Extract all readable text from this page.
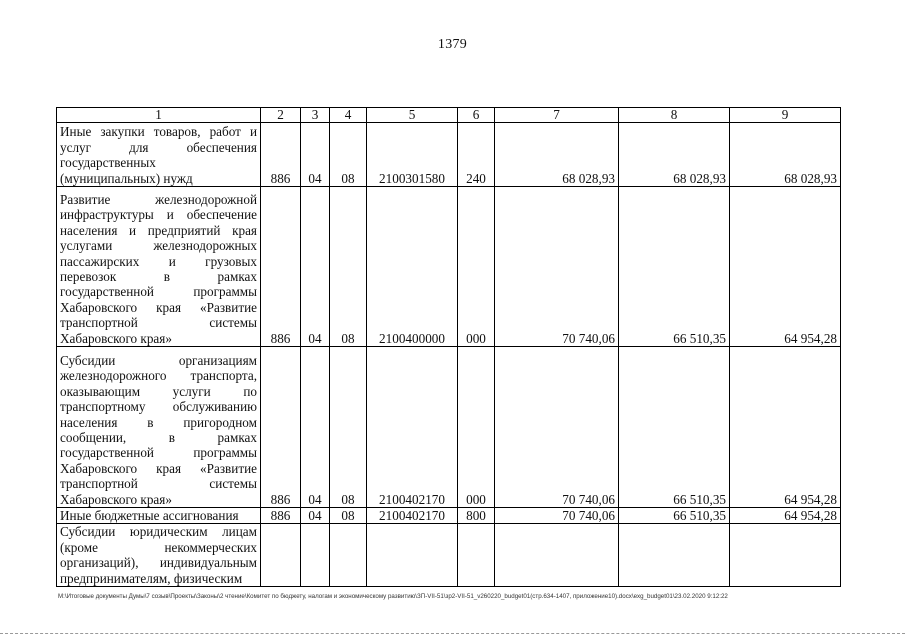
1379
1	2	3	4	5	6	7	8	9
Иные закупки товаров, работ и услуг для обеспечения государственных (муниципальных) нужд	886	04	08	2100301580	240	68 028,93	68 028,93	68 028,93
Развитие железнодорожной инфраструктуры и обеспечение населения и предприятий края услугами железнодорожных пассажирских и грузовых перевозок в рамках государственной программы Хабаровского края «Развитие транспортной системы Хабаровского края»	886	04	08	2100400000	000	70 740,06	66 510,35	64 954,28
Субсидии организациям железнодорожного транспорта, оказывающим услуги по транспортному обслуживанию населения в пригородном сообщении, в рамках государственной программы Хабаровского края «Развитие транспортной системы Хабаровского края»	886	04	08	2100402170	000	70 740,06	66 510,35	64 954,28
Иные бюджетные ассигнования	886	04	08	2100402170	800	70 740,06	66 510,35	64 954,28
Субсидии юридическим лицам (кроме некоммерческих организаций), индивидуальным предпринимателям, физическим								
M:\Итоговые документы Думы\7 созыв\Проекты\Законы\2 чтение\Комитет по бюджету, налогам и экономическому развитию\ЗП-VII-51\зр2-VII-51_v260220_budget01(стр.634-1407, приложение10).docx\exg_budget01\23.02.2020 9:12:22
